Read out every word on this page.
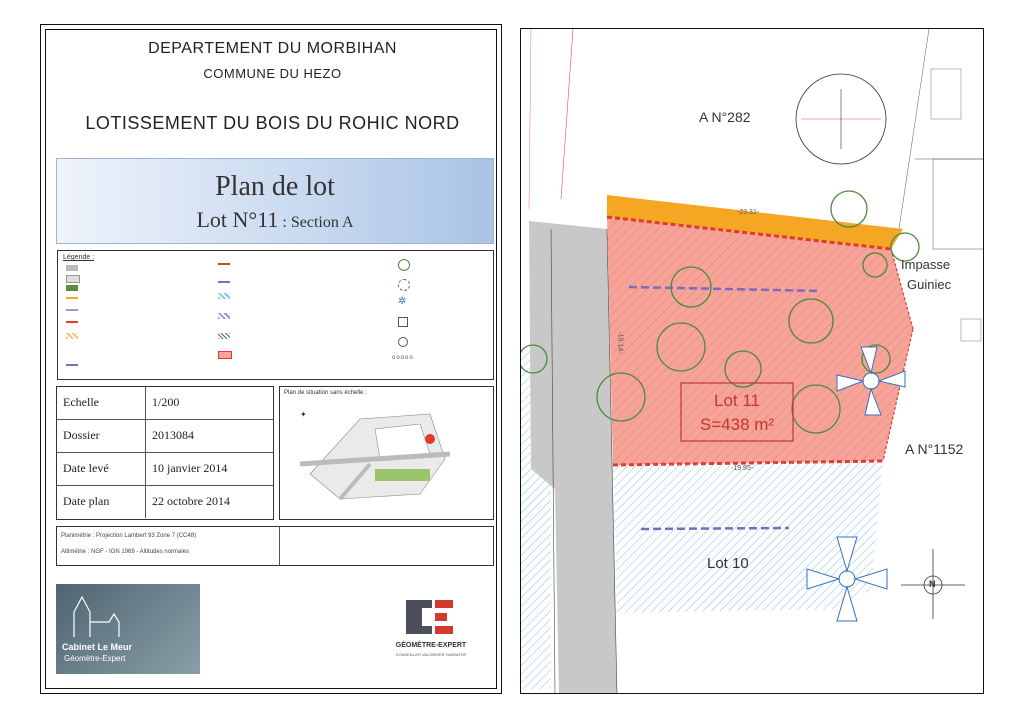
DEPARTEMENT DU MORBIHAN
COMMUNE DU HEZO
LOTISSEMENT DU BOIS DU ROHIC NORD
Plan de lot
Lot N°11 : Section A
Légende :
✲
ooooo
Echelle	1/200
Dossier	2013084
Date levé	10 janvier 2014
Date plan	22 octobre 2014
Plan de situation sans échelle :
✦
Planimétrie : Projection Lambert 93 Zone 7 (CC48)
Altimétrie : NGF - IGN 1969 - Altitudes normales
Cabinet Le Meur
Géomètre-Expert
GÉOMÈTRE-EXPERT
CONSEILLER VALORISER GARANTIR
A N°282
A N°1152
Impasse
Guiniec
Lot 11
S=438 m²
Lot 10
N
-23.31-
-19.95-
-19.14-
